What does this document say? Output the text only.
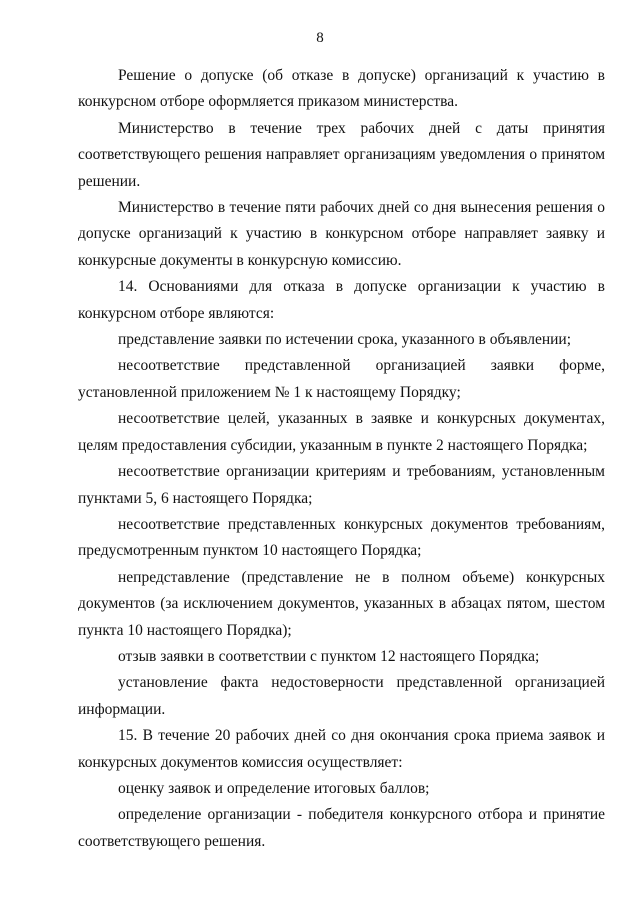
8

Решение о допуске (об отказе в допуске) организаций к участию в конкурсном отборе оформляется приказом министерства.

Министерство в течение трех рабочих дней с даты принятия соответствующего решения направляет организациям уведомления о принятом решении.

Министерство в течение пяти рабочих дней со дня вынесения решения о допуске организаций к участию в конкурсном отборе направляет заявку и конкурсные документы в конкурсную комиссию.

14. Основаниями для отказа в допуске организации к участию в конкурсном отборе являются:

представление заявки по истечении срока, указанного в объявлении;

несоответствие представленной организацией заявки форме, установленной приложением № 1 к настоящему Порядку;

несоответствие целей, указанных в заявке и конкурсных документах, целям предоставления субсидии, указанным в пункте 2 настоящего Порядка;

несоответствие организации критериям и требованиям, установленным пунктами 5, 6 настоящего Порядка;

несоответствие представленных конкурсных документов требованиям, предусмотренным пунктом 10 настоящего Порядка;

непредставление (представление не в полном объеме) конкурсных документов (за исключением документов, указанных в абзацах пятом, шестом пункта 10 настоящего Порядка);

отзыв заявки в соответствии с пунктом 12 настоящего Порядка;

установление факта недостоверности представленной организацией информации.

15. В течение 20 рабочих дней со дня окончания срока приема заявок и конкурсных документов комиссия осуществляет:

оценку заявок и определение итоговых баллов;

определение организации - победителя конкурсного отбора и принятие соответствующего решения.
